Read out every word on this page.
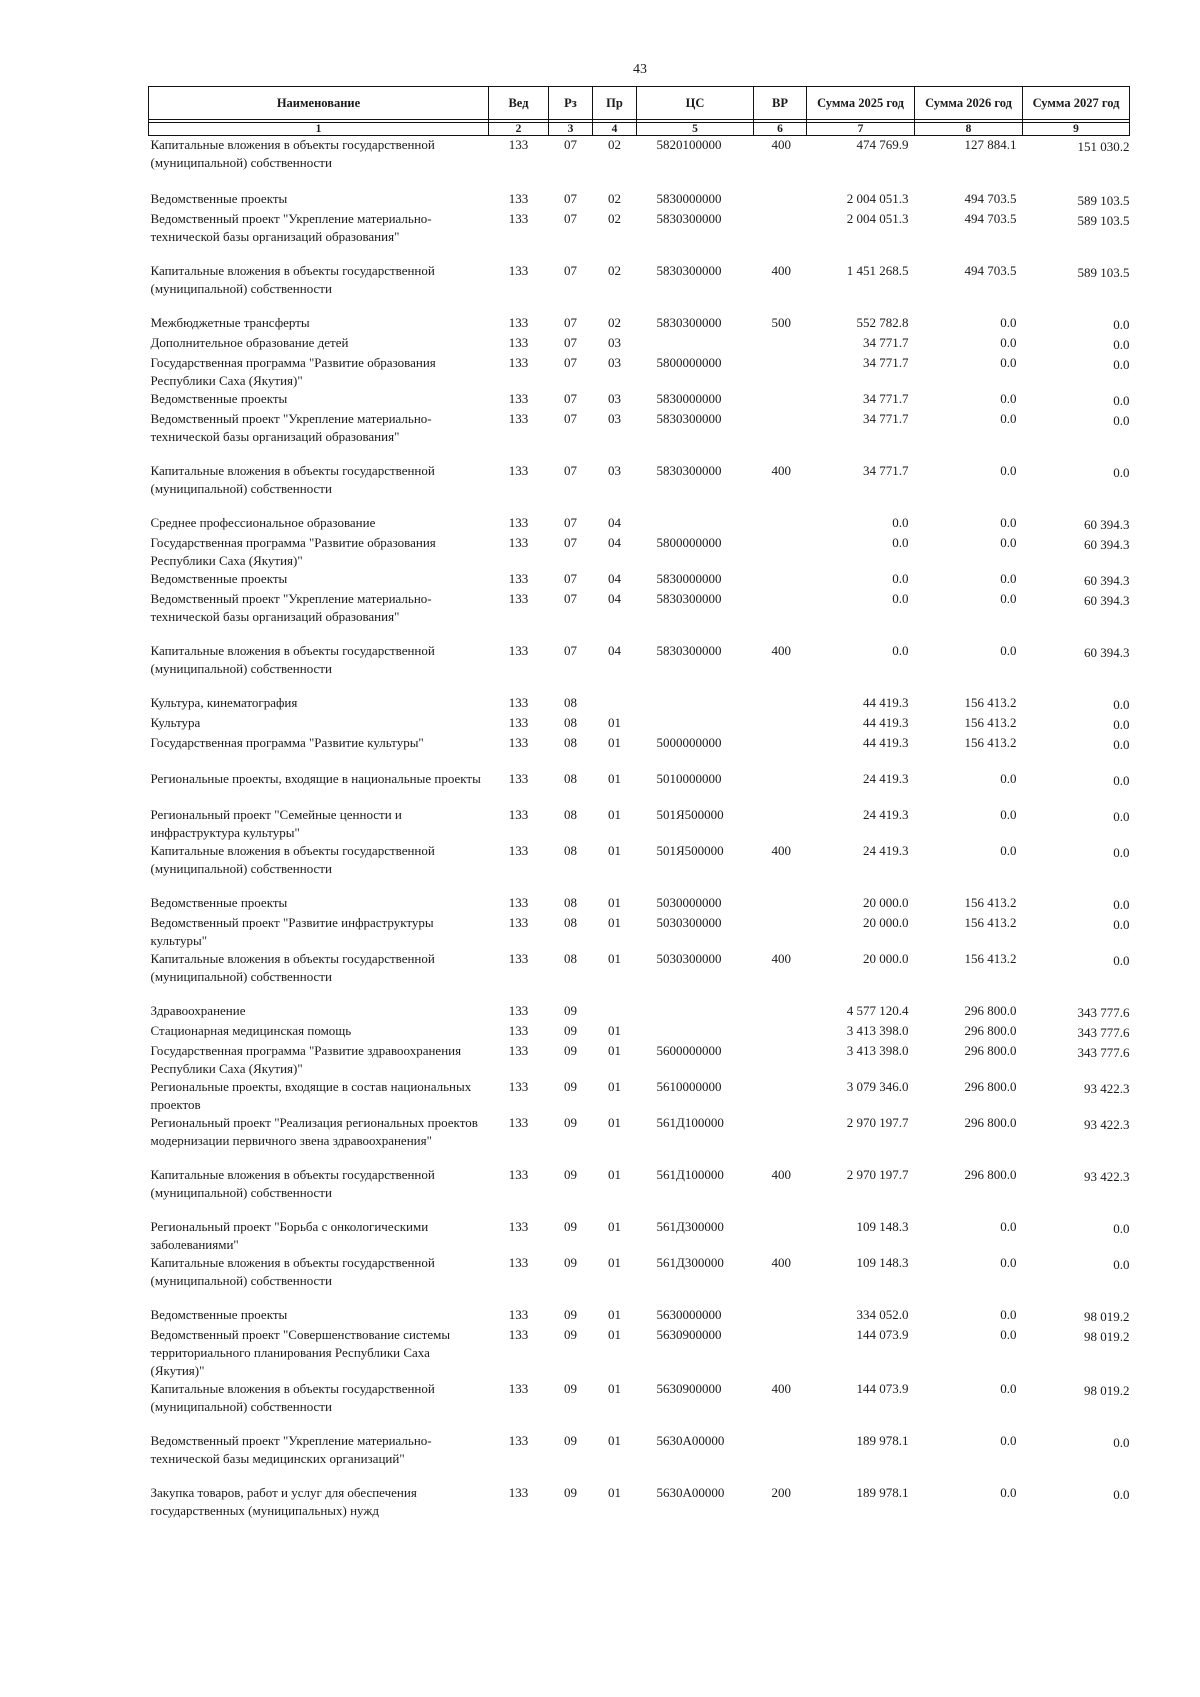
43
Наименование	Вед	Рз	Пр	ЦС	ВР	Сумма 2025 год	Сумма 2026 год	Сумма 2027 год

1	2	3	4	5	6	7	8	9
Капитальные вложения в объекты государственной (муниципальной) собственности	133	07	02	5820100000	400	474 769.9	127 884.1	151 030.2
Ведомственные проекты	133	07	02	5830000000		2 004 051.3	494 703.5	589 103.5
Ведомственный проект "Укрепление материально-технической базы организаций образования"	133	07	02	5830300000		2 004 051.3	494 703.5	589 103.5
Капитальные вложения в объекты государственной (муниципальной) собственности	133	07	02	5830300000	400	1 451 268.5	494 703.5	589 103.5
Межбюджетные трансферты	133	07	02	5830300000	500	552 782.8	0.0	0.0
Дополнительное образование детей	133	07	03			34 771.7	0.0	0.0
Государственная программа "Развитие образования Республики Саха (Якутия)"	133	07	03	5800000000		34 771.7	0.0	0.0
Ведомственные проекты	133	07	03	5830000000		34 771.7	0.0	0.0
Ведомственный проект "Укрепление материально-технической базы организаций образования"	133	07	03	5830300000		34 771.7	0.0	0.0
Капитальные вложения в объекты государственной (муниципальной) собственности	133	07	03	5830300000	400	34 771.7	0.0	0.0
Среднее профессиональное образование	133	07	04			0.0	0.0	60 394.3
Государственная программа "Развитие образования Республики Саха (Якутия)"	133	07	04	5800000000		0.0	0.0	60 394.3
Ведомственные проекты	133	07	04	5830000000		0.0	0.0	60 394.3
Ведомственный проект "Укрепление материально-технической базы организаций образования"	133	07	04	5830300000		0.0	0.0	60 394.3
Капитальные вложения в объекты государственной (муниципальной) собственности	133	07	04	5830300000	400	0.0	0.0	60 394.3
Культура, кинематография	133	08				44 419.3	156 413.2	0.0
Культура	133	08	01			44 419.3	156 413.2	0.0
Государственная программа "Развитие культуры"	133	08	01	5000000000		44 419.3	156 413.2	0.0
Региональные проекты, входящие в национальные проекты	133	08	01	5010000000		24 419.3	0.0	0.0
Региональный проект "Семейные ценности и инфраструктура культуры"	133	08	01	501Я500000		24 419.3	0.0	0.0
Капитальные вложения в объекты государственной (муниципальной) собственности	133	08	01	501Я500000	400	24 419.3	0.0	0.0
Ведомственные проекты	133	08	01	5030000000		20 000.0	156 413.2	0.0
Ведомственный проект "Развитие инфраструктуры культуры"	133	08	01	5030300000		20 000.0	156 413.2	0.0
Капитальные вложения в объекты государственной (муниципальной) собственности	133	08	01	5030300000	400	20 000.0	156 413.2	0.0
Здравоохранение	133	09				4 577 120.4	296 800.0	343 777.6
Стационарная медицинская помощь	133	09	01			3 413 398.0	296 800.0	343 777.6
Государственная программа "Развитие здравоохранения Республики Саха (Якутия)"	133	09	01	5600000000		3 413 398.0	296 800.0	343 777.6
Региональные проекты, входящие в состав национальных проектов	133	09	01	5610000000		3 079 346.0	296 800.0	93 422.3
Региональный проект "Реализация региональных проектов модернизации первичного звена здравоохранения"	133	09	01	561Д100000		2 970 197.7	296 800.0	93 422.3
Капитальные вложения в объекты государственной (муниципальной) собственности	133	09	01	561Д100000	400	2 970 197.7	296 800.0	93 422.3
Региональный проект "Борьба с онкологическими заболеваниями"	133	09	01	561Д300000		109 148.3	0.0	0.0
Капитальные вложения в объекты государственной (муниципальной) собственности	133	09	01	561Д300000	400	109 148.3	0.0	0.0
Ведомственные проекты	133	09	01	5630000000		334 052.0	0.0	98 019.2
Ведомственный проект "Совершенствование системы территориального планирования Республики Саха (Якутия)"	133	09	01	5630900000		144 073.9	0.0	98 019.2
Капитальные вложения в объекты государственной (муниципальной) собственности	133	09	01	5630900000	400	144 073.9	0.0	98 019.2
Ведомственный проект "Укрепление материально-технической базы медицинских организаций"	133	09	01	5630А00000		189 978.1	0.0	0.0
Закупка товаров, работ и услуг для обеспечения государственных (муниципальных) нужд	133	09	01	5630А00000	200	189 978.1	0.0	0.0
